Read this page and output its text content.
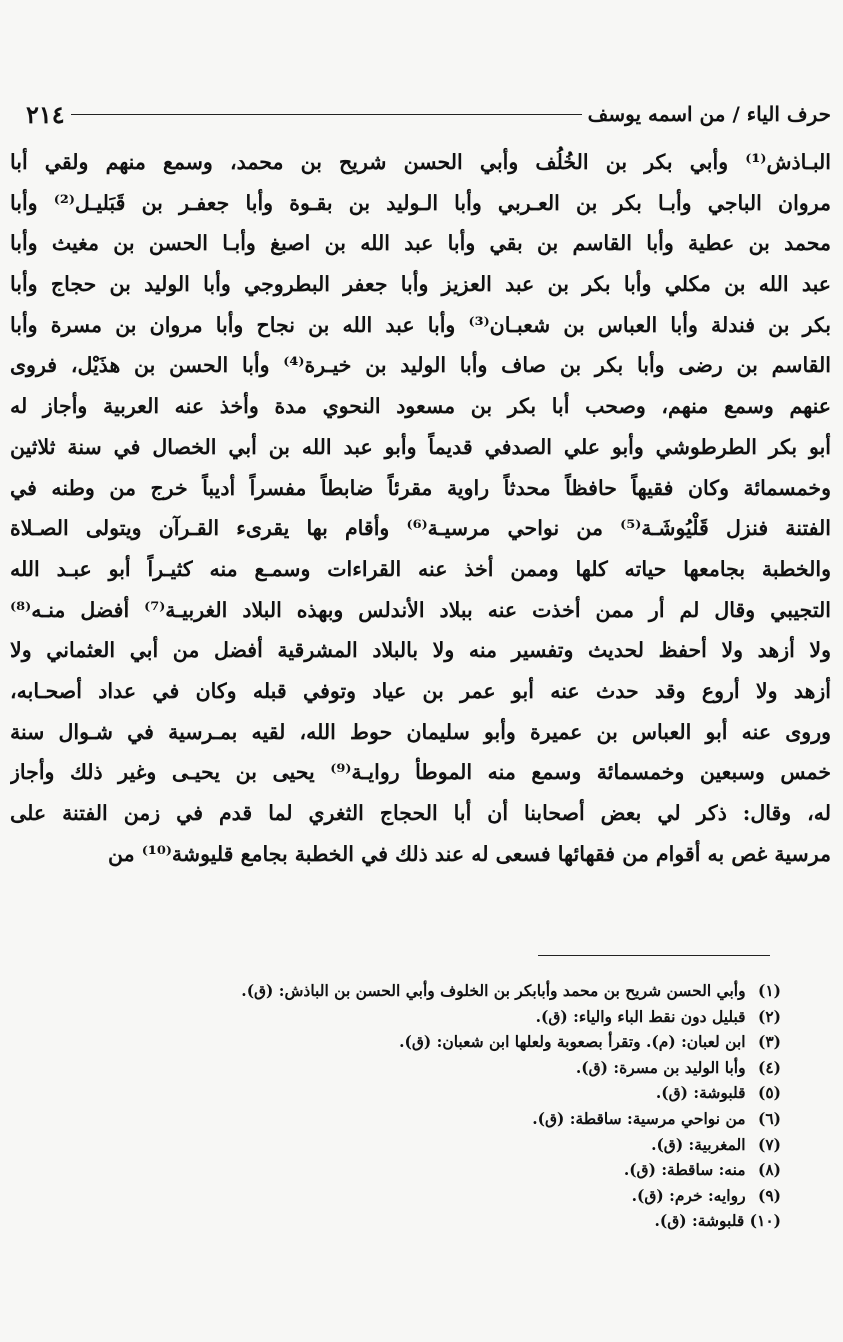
حرف الياء / من اسمه يوسف
٢١٤
البـاذش⁽¹⁾ وأبي بكر بن الخُلُف وأبي الحسن شريح بن محمد، وسمع منهم ولقي أبا
مروان الباجي وأبـا بكر بن العـربي وأبا الـوليد بن بقـوة وأبا جعفـر بن قَبَليـل⁽²⁾ وأبا
محمد بن عطية وأبا القاسم بن بقي وأبا عبد الله بن اصبغ وأبـا الحسن بن مغيث وأبا
عبد الله بن مكلي وأبا بكر بن عبد العزيز وأبا جعفر البطروجي وأبا الوليد بن حجاج وأبا
بكر بن فندلة وأبا العباس بن شعبـان⁽³⁾ وأبا عبد الله بن نجاح وأبا مروان بن مسرة وأبا
القاسم بن رضى وأبا بكر بن صاف وأبا الوليد بن خيـرة⁽⁴⁾ وأبا الحسن بن هذَيْل، فروى
عنهم وسمع منهم، وصحب أبا بكر بن مسعود النحوي مدة وأخذ عنه العربية وأجاز له
أبو بكر الطرطوشي وأبو علي الصدفي قديماً وأبو عبد الله بن أبي الخصال في سنة ثلاثين
وخمسمائة وكان فقيهاً حافظاً محدثاً راوية مقرئاً ضابطاً مفسراً أديباً خرج من وطنه في
الفتنة فنزل قَلْيُوشَـة⁽⁵⁾ من نواحي مرسيـة⁽⁶⁾ وأقام بها يقرىء القـرآن ويتولى الصـلاة
والخطبة بجامعها حياته كلها وممن أخذ عنه القراءات وسمـع منه كثيـراً أبو عبـد الله
التجيبي وقال لم أر ممن أخذت عنه ببلاد الأندلس وبهذه البلاد الغربيـة⁽⁷⁾ أفضل منـه⁽⁸⁾
ولا أزهد ولا أحفظ لحديث وتفسير منه ولا بالبلاد المشرقية أفضل من أبي العثماني ولا
أزهد ولا أروع وقد حدث عنه أبو عمر بن عياد وتوفي قبله وكان في عداد أصحـابه،
وروى عنه أبو العباس بن عميرة وأبو سليمان حوط الله، لقيه بمـرسية في شـوال سنة
خمس وسبعين وخمسمائة وسمع منه الموطأ روايـة⁽⁹⁾ يحيى بن يحيـى وغير ذلك وأجاز
له، وقال: ذكر لي بعض أصحابنا أن أبا الحجاج الثغري لما قدم في زمن الفتنة على
مرسية غص به أقوام من فقهائها فسعى له عند ذلك في الخطبة بجامع قليوشة⁽¹⁰⁾ من
(١) وأبي الحسن شريح بن محمد وأبابكر بن الخلوف وأبي الحسن بن الباذش: (ق).
(٢) قبليل دون نقط الباء والياء: (ق).
(٣) ابن لعبان: (م). وتقرأ بصعوبة ولعلها ابن شعبان: (ق).
(٤) وأبا الوليد بن مسرة: (ق).
(٥) قلبوشة: (ق).
(٦) من نواحي مرسية: ساقطة: (ق).
(٧) المغربية: (ق).
(٨) منه: ساقطة: (ق).
(٩) روايه: خرم: (ق).
(١٠) قلبوشة: (ق).
